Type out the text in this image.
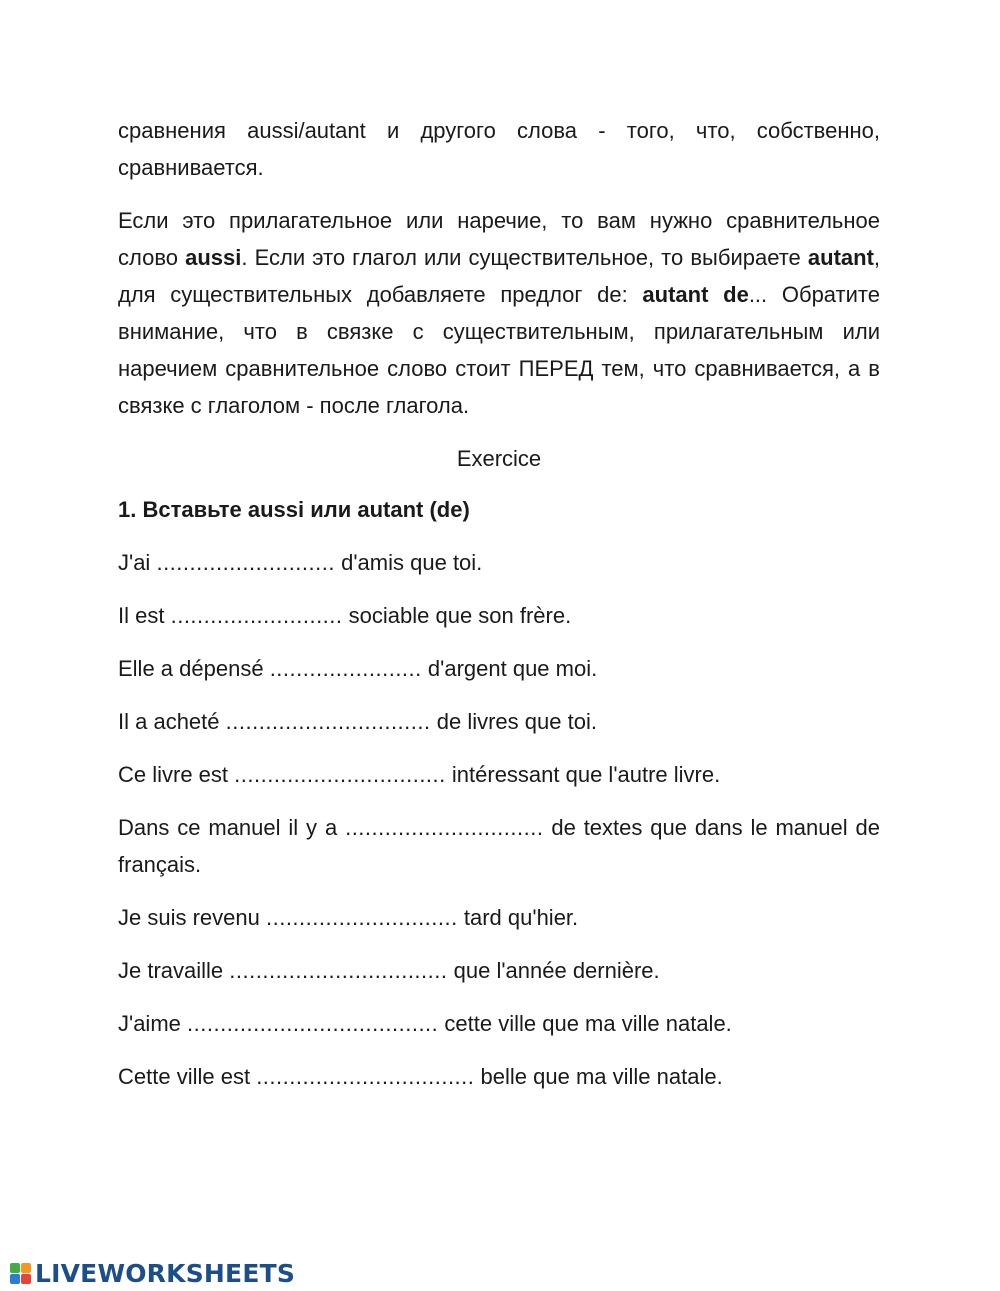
сравнения aussi/autant и другого слова - того, что, собственно, сравнивается.

Если это прилагательное или наречие, то вам нужно сравнительное слово aussi. Если это глагол или существительное, то выбираете autant, для существительных добавляете предлог de: autant de... Обратите внимание, что в связке с существительным, прилагательным или наречием сравнительное слово стоит ПЕРЕД тем, что сравнивается, а в связке с глаголом - после глагола.

Exercice
1. Вставьте aussi или autant (de)
J'ai ........................... d'amis que toi.
Il est .......................... sociable que son frère.
Elle a dépensé ....................... d'argent que moi.
Il a acheté ............................... de livres que toi.
Ce livre est ................................ intéressant que l'autre livre.
Dans ce manuel il y a .............................. de textes que dans le manuel de français.
Je suis revenu ............................. tard qu'hier.
Je travaille ................................. que l'année dernière.
J'aime ...................................... cette ville que ma ville natale.
Cette ville est ................................. belle que ma ville natale.
LIVEWORKSHEETS
